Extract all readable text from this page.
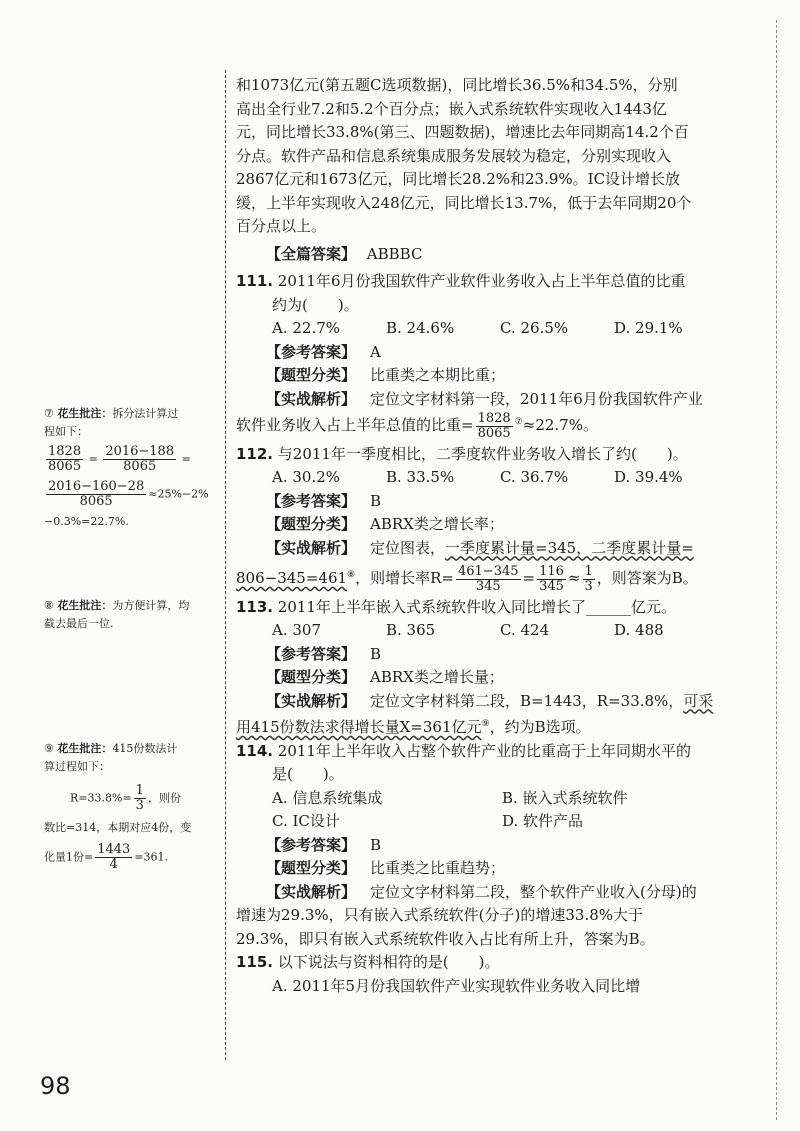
和1073亿元(第五题C选项数据)，同比增长36.5%和34.5%，分别

高出全行业7.2和5.2个百分点；嵌入式系统软件实现收入1443亿

元，同比增长33.8%(第三、四题数据)，增速比去年同期高14.2个百

分点。软件产品和信息系统集成服务发展较为稳定，分别实现收入

2867亿元和1673亿元，同比增长28.2%和23.9%。IC设计增长放

缓，上半年实现收入248亿元，同比增长13.7%，低于去年同期20个

百分点以上。

【全篇答案】 ABBBC

111. 2011年6月份我国软件产业软件业务收入占上半年总值的比重

约为(　　)。

A. 22.7%	B. 24.6%	C. 26.5%	D. 29.1%

【参考答案】 A

【题型分类】 比重类之本期比重；

【实战解析】 定位文字材料第一段，2011年6月份我国软件产业

软件业务收入占上半年总值的比重= $\frac{1828}{8065} ^⑦\approx 22.7\%$。

112. 与2011年一季度相比，二季度软件业务收入增长了约(　　)。

A. 30.2%	B. 33.5%	C. 36.7%	D. 39.4%

【参考答案】 B

【题型分类】 ABRX类之增长率；

【实战解析】 定位图表，一季度累计量=345，二季度累计量=

806−345=461⑧，则增长率$R= \frac{461-345}{345} = \frac{116}{345} \approx \frac{1}{3}$ ，则答案为B。

113. 2011年上半年嵌入式系统软件收入同比增长了______亿元。

A. 307	B. 365	C. 424	D. 488

【参考答案】 B

【题型分类】 ABRX类之增长量；

【实战解析】 定位文字材料第二段，B=1443，R=33.8%，可采

用415份数法求得增长量X=361亿元⑨，约为B选项。

114. 2011年上半年收入占整个软件产业的比重高于上年同期水平的

是(　　)。

A. 信息系统集成	B. 嵌入式系统软件
C. IC设计	D. 软件产品

【参考答案】 B

【题型分类】 比重类之比重趋势；

【实战解析】 定位文字材料第二段，整个软件产业收入(分母)的

增速为29.3%，只有嵌入式系统软件(分子)的增速33.8%大于

29.3%，即只有嵌入式系统软件收入占比有所上升，答案为B。

115. 以下说法与资料相符的是(　　)。

A. 2011年5月份我国软件产业实现软件业务收入同比增

⑦ 花生批注：拆分法计算过
程如下：
$\frac{1828}{8065} = \frac{2016-188}{8065}$ =
$\frac{2016-160-28}{8065} \approx 25\%-2\%$
−0.3%=22.7%.
⑧ 花生批注：为方便计算，均
截去最后一位.
⑨ 花生批注：415份数法计
算过程如下：
$R=33.8\%= \frac{1}{3}$ ，则份
数比=314，本期对应4份，变
化量1份= $\frac{1443}{4} =361$.
98
